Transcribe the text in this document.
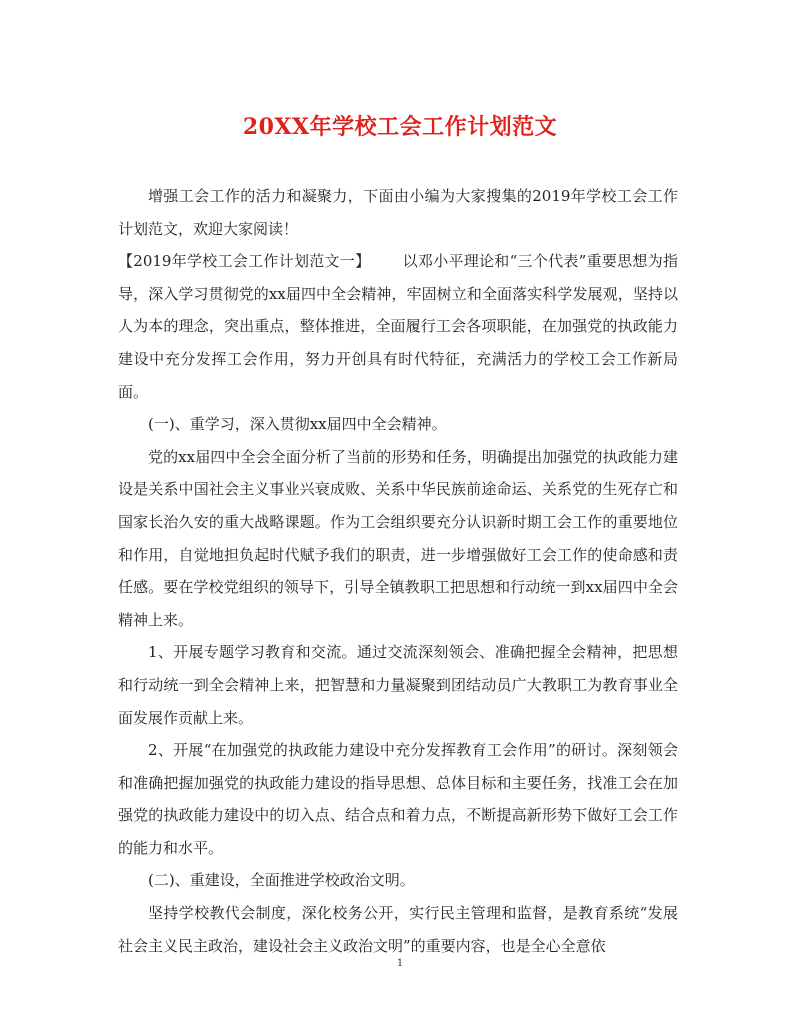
20XX年学校工会工作计划范文

增强工会工作的活力和凝聚力，下面由小编为大家搜集的2019年学校工会工作计划范文，欢迎大家阅读！

【2019年学校工会工作计划范文一】 以邓小平理论和“三个代表”重要思想为指导，深入学习贯彻党的xx届四中全会精神，牢固树立和全面落实科学发展观，坚持以人为本的理念，突出重点，整体推进，全面履行工会各项职能，在加强党的执政能力建设中充分发挥工会作用，努力开创具有时代特征，充满活力的学校工会工作新局面。

(一)、重学习，深入贯彻xx届四中全会精神。

党的xx届四中全会全面分析了当前的形势和任务，明确提出加强党的执政能力建设是关系中国社会主义事业兴衰成败、关系中华民族前途命运、关系党的生死存亡和国家长治久安的重大战略课题。作为工会组织要充分认识新时期工会工作的重要地位和作用，自觉地担负起时代赋予我们的职责，进一步增强做好工会工作的使命感和责任感。要在学校党组织的领导下，引导全镇教职工把思想和行动统一到xx届四中全会精神上来。

1、开展专题学习教育和交流。通过交流深刻领会、准确把握全会精神，把思想和行动统一到全会精神上来，把智慧和力量凝聚到团结动员广大教职工为教育事业全面发展作贡献上来。

2、开展“在加强党的执政能力建设中充分发挥教育工会作用”的研讨。深刻领会和准确把握加强党的执政能力建设的指导思想、总体目标和主要任务，找准工会在加强党的执政能力建设中的切入点、结合点和着力点，不断提高新形势下做好工会工作的能力和水平。

(二)、重建设，全面推进学校政治文明。

坚持学校教代会制度，深化校务公开，实行民主管理和监督，是教育系统“发展社会主义民主政治，建设社会主义政治文明”的重要内容，也是全心全意依

1
